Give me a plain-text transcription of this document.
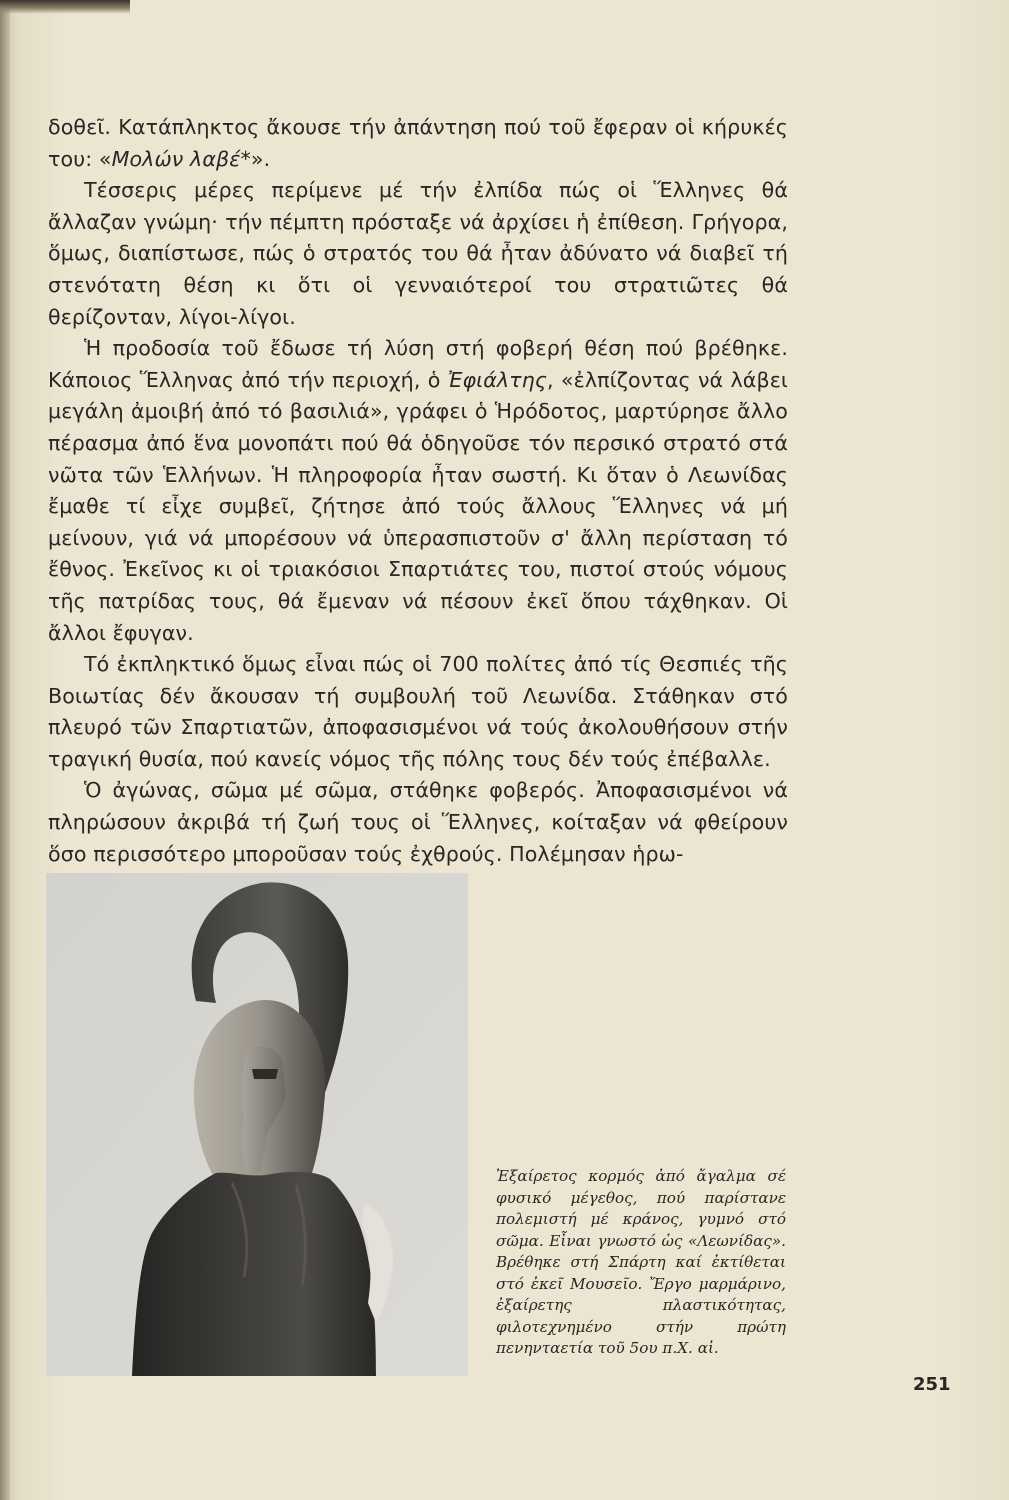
δοθεῖ. Κατάπληκτος ἄκουσε τήν ἀπάντηση πού τοῦ ἔφεραν οἱ κήρυκές του: «Μολών λαβέ*».

Τέσσερις μέρες περίμενε μέ τήν ἐλπίδα πώς οἱ Ἕλληνες θά ἄλλαζαν γνώμη· τήν πέμπτη πρόσταξε νά ἀρχίσει ἡ ἐπίθεση. Γρήγορα, ὅμως, διαπίστωσε, πώς ὁ στρατός του θά ἦταν ἀδύνατο νά διαβεῖ τή στενότατη θέση κι ὅτι οἱ γενναιότεροί του στρατιῶτες θά θερίζονταν, λίγοι-λίγοι.

Ἡ προδοσία τοῦ ἔδωσε τή λύση στή φοβερή θέση πού βρέθηκε. Κάποιος Ἕλληνας ἀπό τήν περιοχή, ὁ Ἐφιάλτης, «ἐλπίζοντας νά λάβει μεγάλη ἀμοιβή ἀπό τό βασιλιά», γράφει ὁ Ἡρόδοτος, μαρτύρησε ἄλλο πέρασμα ἀπό ἕνα μονοπάτι πού θά ὁδηγοῦσε τόν περσικό στρατό στά νῶτα τῶν Ἑλλήνων. Ἡ πληροφορία ἦταν σωστή. Κι ὅταν ὁ Λεωνίδας ἔμαθε τί εἶχε συμβεῖ, ζήτησε ἀπό τούς ἄλλους Ἕλληνες νά μή μείνουν, γιά νά μπορέσουν νά ὑπερασπιστοῦν σ' ἄλλη περίσταση τό ἔθνος. Ἐκεῖνος κι οἱ τριακόσιοι Σπαρτιάτες του, πιστοί στούς νόμους τῆς πατρίδας τους, θά ἔμεναν νά πέσουν ἐκεῖ ὅπου τάχθηκαν. Οἱ ἄλλοι ἔφυγαν.

Τό ἐκπληκτικό ὅμως εἶναι πώς οἱ 700 πολίτες ἀπό τίς Θεσπιές τῆς Βοιωτίας δέν ἄκουσαν τή συμβουλή τοῦ Λεωνίδα. Στάθηκαν στό πλευρό τῶν Σπαρτιατῶν, ἀποφασισμένοι νά τούς ἀκολουθήσουν στήν τραγική θυσία, πού κανείς νόμος τῆς πόλης τους δέν τούς ἐπέβαλλε.

Ὁ ἀγώνας, σῶμα μέ σῶμα, στάθηκε φοβερός. Ἀποφασισμένοι νά πληρώσουν ἀκριβά τή ζωή τους οἱ Ἕλληνες, κοίταξαν νά φθείρουν ὅσο περισσότερο μποροῦσαν τούς ἐχθρούς. Πολέμησαν ἡρω-

Ἐξαίρετος κορμός ἀπό ἄγαλμα σέ φυσικό μέγεθος, πού παρίστανε πολεμιστή μέ κράνος, γυμνό στό σῶμα. Εἶναι γνωστό ὡς «Λεωνίδας». Βρέθηκε στή Σπάρτη καί ἐκτίθεται στό ἐκεῖ Μουσεῖο. Ἔργο μαρμάρινο, ἐξαίρετης πλαστικότητας, φιλοτεχνημένο στήν πρώτη πενηνταετία τοῦ 5ου π.Χ. αἰ.
251
